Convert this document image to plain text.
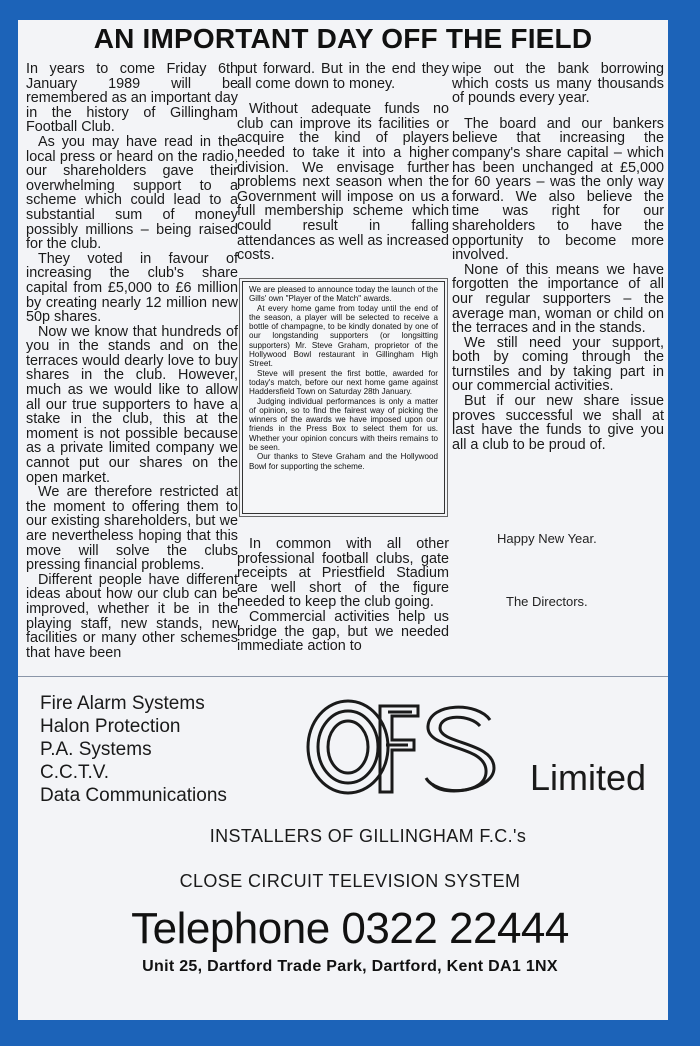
AN IMPORTANT DAY OFF THE FIELD

In years to come Friday 6th January 1989 will be remembered as an important day in the history of Gillingham Football Club.

As you may have read in the local press or heard on the radio, our shareholders gave their overwhelming support to a scheme which could lead to a substantial sum of money possibly millions – being raised for the club.

They voted in favour of increasing the club's share capital from £5,000 to £6 million by creating nearly 12 million new 50p shares.

Now we know that hundreds of you in the stands and on the terraces would dearly love to buy shares in the club. However, much as we would like to allow all our true supporters to have a stake in the club, this at the moment is not possible because as a private limited company we cannot put our shares on the open market.

We are therefore restricted at the moment to offering them to our existing shareholders, but we are nevertheless hoping that this move will solve the clubs pressing financial problems.

Different people have different ideas about how our club can be improved, whether it be in the playing staff, new stands, new facilities or many other schemes that have been

put forward. But in the end they all come down to money.

Without adequate funds no club can improve its facilities or acquire the kind of players needed to take it into a higher division. We envisage further problems next season when the Government will impose on us a full membership scheme which could result in falling attendances as well as increased costs.

We are pleased to announce today the launch of the Gills' own "Player of the Match" awards.

At every home game from today until the end of the season, a player will be selected to receive a bottle of champagne, to be kindly donated by one of our longstanding supporters (or longsitting supporters) Mr. Steve Graham, proprietor of the Hollywood Bowl restaurant in Gillingham High Street.

Steve will present the first bottle, awarded for today's match, before our next home game against Haddersfield Town on Saturday 28th January.

Judging individual performances is only a matter of opinion, so to find the fairest way of picking the winners of the awards we have imposed upon our friends in the Press Box to select them for us. Whether your opinion concurs with theirs remains to be seen.

Our thanks to Steve Graham and the Hollywood Bowl for supporting the scheme.

In common with all other professional football clubs, gate receipts at Priestfield Stadium are well short of the figure needed to keep the club going.

Commercial activities help us bridge the gap, but we needed immediate action to

wipe out the bank borrowing which costs us many thousands of pounds every year.

The board and our bankers believe that increasing the company's share capital – which has been unchanged at £5,000 for 60 years – was the only way forward. We also believe the time was right for our shareholders to have the opportunity to become more involved.

None of this means we have forgotten the importance of all our regular supporters – the average man, woman or child on the terraces and in the stands.

We still need your support, both by coming through the turnstiles and by taking part in our commercial activities.

But if our new share issue proves successful we shall at last have the funds to give you all a club to be proud of.

Happy New Year.
The Directors.
Fire Alarm Systems
Halon Protection
P.A. Systems
C.C.T.V.
Data Communications	Limited
INSTALLERS OF GILLINGHAM F.C.'s
CLOSE CIRCUIT TELEVISION SYSTEM
Telephone 0322 22444
Unit 25, Dartford Trade Park, Dartford, Kent DA1 1NX
